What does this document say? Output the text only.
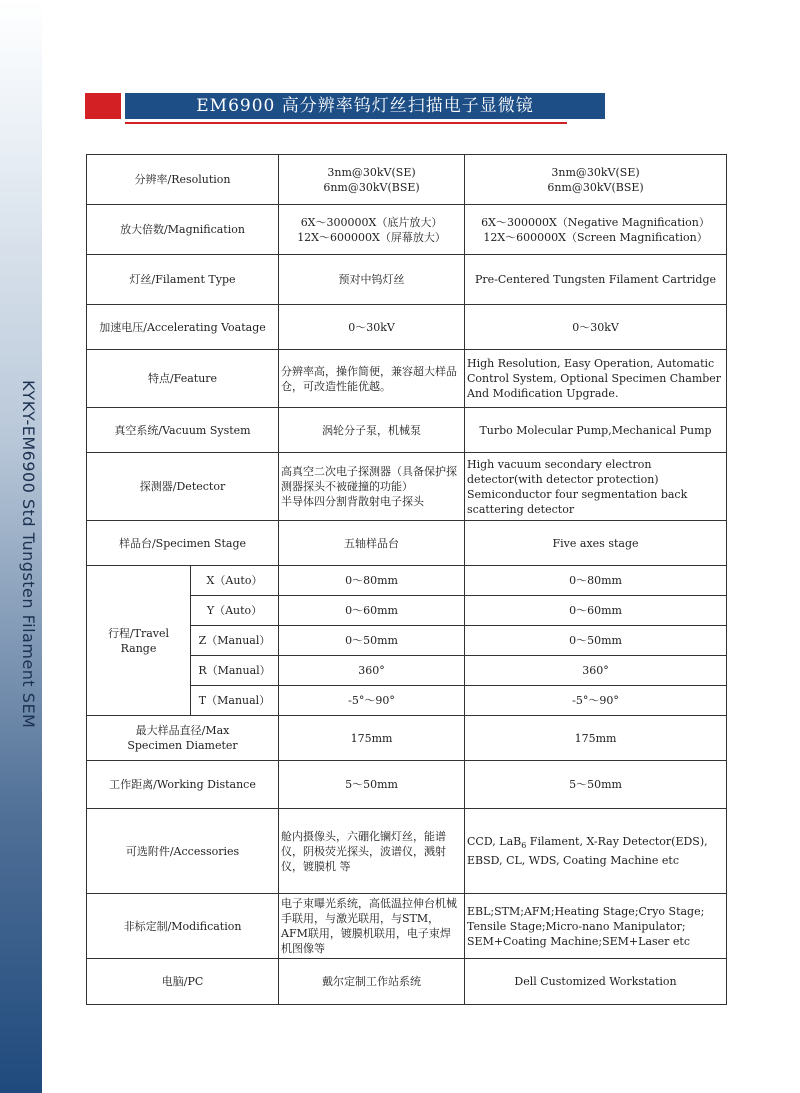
KYKY-EM6900 Std Tungsten Filament SEM
EM6900 高分辨率钨灯丝扫描电子显微镜
分辨率/Resolution		3nm@30kV(SE)
6nm@30kV(BSE)	3nm@30kV(SE)
6nm@30kV(BSE)

放大倍数/Magnification		6X～300000X（底片放大）
12X～600000X（屏幕放大）	6X～300000X（Negative Magnification）
12X～600000X（Screen Magnification）

灯丝/Filament Type		预对中钨灯丝	Pre-Centered Tungsten Filament Cartridge
加速电压/Accelerating Voatage		0～30kV	0～30kV
特点/Feature		分辨率高，操作简便，兼容超大样品仓，可改造性能优越。	High Resolution, Easy Operation, Automatic Control System, Optional Specimen Chamber And Modification Upgrade.
真空系统/Vacuum System		涡轮分子泵，机械泵	Turbo Molecular Pump,Mechanical Pump
探测器/Detector		高真空二次电子探测器（具备保护探测器探头不被碰撞的功能）
半导体四分割背散射电子探头	High vacuum secondary electron detector(with detector protection)
Semiconductor four segmentation back scattering detector

样品台/Specimen Stage		五轴样品台	Five axes stage

行程/Travel
Range	X（Auto）	0～80mm	0～80mm
	Y（Auto）	0～60mm	0～60mm
	Z（Manual）	0～50mm	0～50mm
	R（Manual）	360°	360°
	T（Manual）	-5°～90°	-5°～90°

最大样品直径/Max
Specimen Diameter		175mm	175mm
工作距离/Working Distance		5～50mm	5～50mm
可选附件/Accessories		舱内摄像头，六硼化镧灯丝，能谱仪，阴极荧光探头，波谱仪，溅射仪，镀膜机 等	CCD, LaB$_6$ Filament, X-Ray Detector(EDS), EBSD, CL, WDS, Coating Machine etc
非标定制/Modification		电子束曝光系统，高低温拉伸台机械手联用，与激光联用，与STM，AFM联用，镀膜机联用，电子束焊机图像等	EBL;STM;AFM;Heating Stage;Cryo Stage;
Tensile Stage;Micro-nano Manipulator;
SEM+Coating Machine;SEM+Laser etc

电脑/PC		戴尔定制工作站系统	Dell Customized Workstation
